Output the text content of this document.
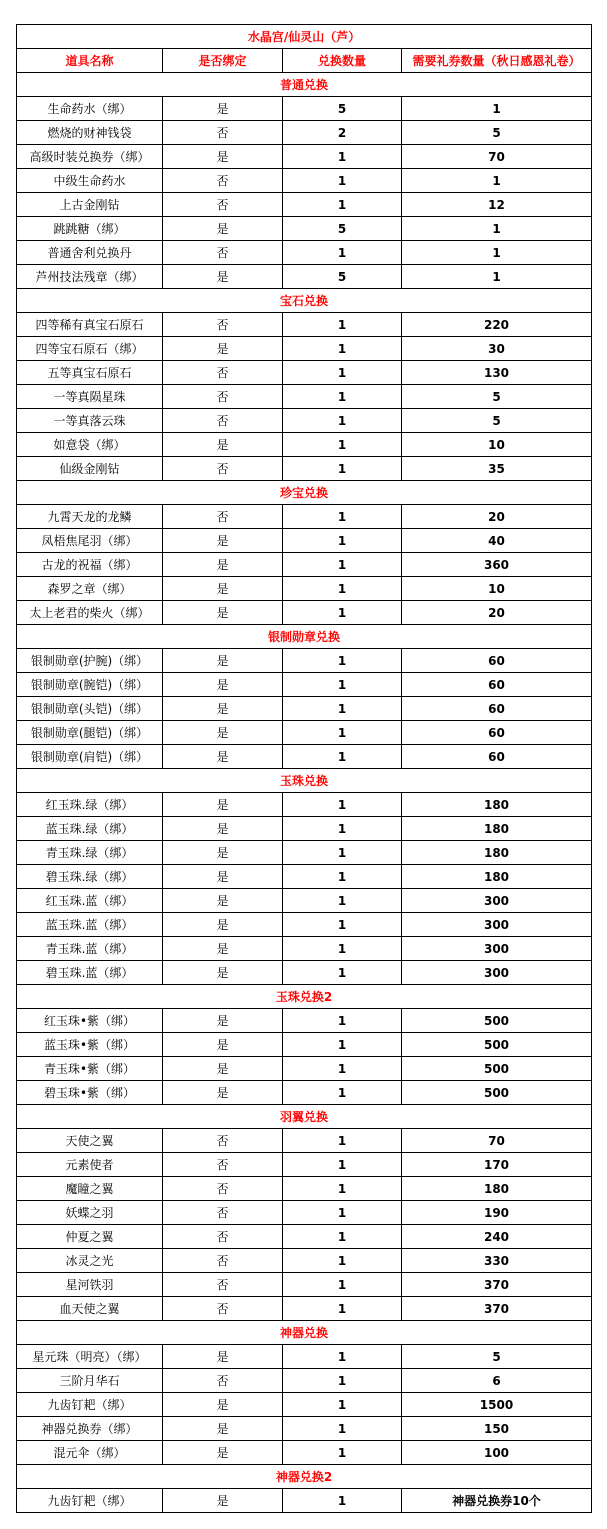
水晶宫/仙灵山（芦）			
道具名称	是否绑定	兑换数量	需要礼券数量（秋日感恩礼卷）
普通兑换			
生命药水（绑）	是	5	1
燃烧的财神钱袋	否	2	5
高级时装兑换券（绑）	是	1	70
中级生命药水	否	1	1
上古金刚钻	否	1	12
跳跳糖（绑）	是	5	1
普通舍利兑换丹	否	1	1
芦州技法残章（绑）	是	5	1
宝石兑换			
四等稀有真宝石原石	否	1	220
四等宝石原石（绑）	是	1	30
五等真宝石原石	否	1	130
一等真陨星珠	否	1	5
一等真落云珠	否	1	5
如意袋（绑）	是	1	10
仙级金刚钻	否	1	35
珍宝兑换			
九霄天龙的龙鳞	否	1	20
凤梧焦尾羽（绑）	是	1	40
古龙的祝福（绑）	是	1	360
森罗之章（绑）	是	1	10
太上老君的柴火（绑）	是	1	20
银制勋章兑换			
银制勋章(护腕)（绑）	是	1	60
银制勋章(腕铠)（绑）	是	1	60
银制勋章(头铠)（绑）	是	1	60
银制勋章(腿铠)（绑）	是	1	60
银制勋章(肩铠)（绑）	是	1	60
玉珠兑换			
红玉珠.绿（绑）	是	1	180
蓝玉珠.绿（绑）	是	1	180
青玉珠.绿（绑）	是	1	180
碧玉珠.绿（绑）	是	1	180
红玉珠.蓝（绑）	是	1	300
蓝玉珠.蓝（绑）	是	1	300
青玉珠.蓝（绑）	是	1	300
碧玉珠.蓝（绑）	是	1	300
玉珠兑换2			
红玉珠•紫（绑）	是	1	500
蓝玉珠•紫（绑）	是	1	500
青玉珠•紫（绑）	是	1	500
碧玉珠•紫（绑）	是	1	500
羽翼兑换			
天使之翼	否	1	70
元素使者	否	1	170
魔瞳之翼	否	1	180
妖蝶之羽	否	1	190
仲夏之翼	否	1	240
冰灵之光	否	1	330
星河铁羽	否	1	370
血天使之翼	否	1	370
神器兑换			
星元珠（明亮）（绑）	是	1	5
三阶月华石	否	1	6
九齿钉耙（绑）	是	1	1500
神器兑换券（绑）	是	1	150
混元伞（绑）	是	1	100
神器兑换2			
九齿钉耙（绑）	是	1	神器兑换券10个
